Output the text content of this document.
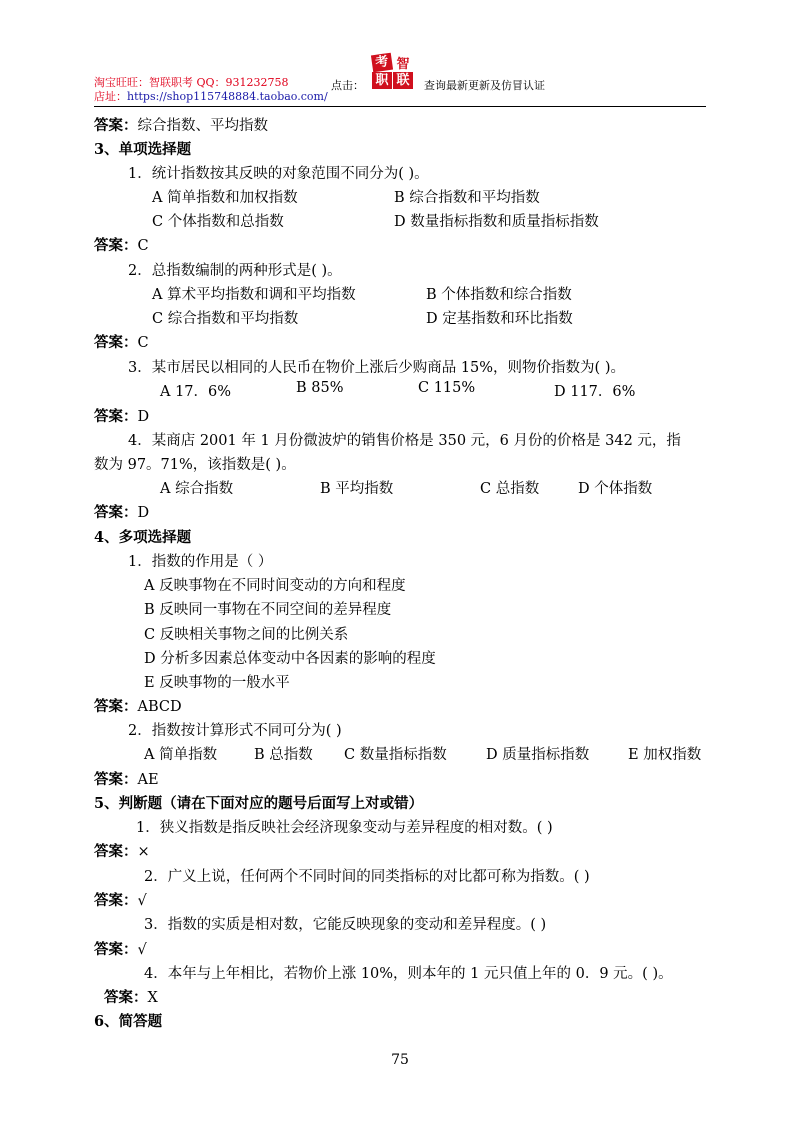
淘宝旺旺：智联职考 QQ：931232758
店址：https://shop115748884.taobao.com/
点击：
考 智
职 联	查询最新更新及仿冒认证
答案：综合指数、平均指数
3、单项选择题
1．统计指数按其反映的对象范围不同分为( )。
A 简单指数和加权指数	B 综合指数和平均指数
C 个体指数和总指数	D 数量指标指数和质量指标指数
答案：C
2．总指数编制的两种形式是( )。
A 算术平均指数和调和平均指数	B 个体指数和综合指数
C 综合指数和平均指数	D 定基指数和环比指数
答案：C
3．某市居民以相同的人民币在物价上涨后少购商品 15%，则物价指数为( )。
A 17．6%	B 85%	C 115%	D 117．6%
答案：D
4．某商店 2001 年 1 月份微波炉的销售价格是 350 元，6 月份的价格是 342 元，指
数为 97。71%，该指数是( )。
A 综合指数	B 平均指数	C 总指数	D 个体指数
答案：D
4、多项选择题
1．指数的作用是（ ）
A 反映事物在不同时间变动的方向和程度
B 反映同一事物在不同空间的差异程度
C 反映相关事物之间的比例关系
D 分析多因素总体变动中各因素的影响的程度
E 反映事物的一般水平
答案：ABCD
2．指数按计算形式不同可分为( )
A 简单指数	B 总指数 C 数量指标指数	D 质量指标指数	E 加权指数
答案：AE
5、判断题（请在下面对应的题号后面写上对或错）
1．狭义指数是指反映社会经济现象变动与差异程度的相对数。( )
答案：×
2．广义上说，任何两个不同时间的同类指标的对比都可称为指数。( )
答案：√
3．指数的实质是相对数，它能反映现象的变动和差异程度。( )
答案：√
4．本年与上年相比，若物价上涨 10%，则本年的 1 元只值上年的 0．9 元。( )。
答案：X
6、简答题
75
